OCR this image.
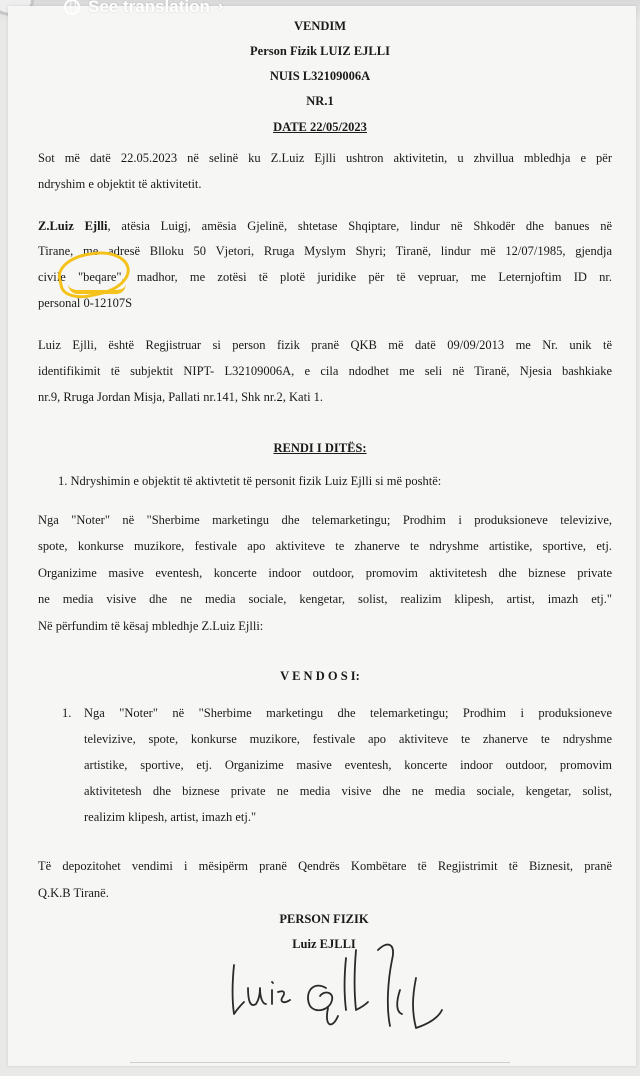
See translation ›
VENDIM
Person Fizik LUIZ EJLLI
NUIS L32109006A
NR.1
DATE 22/05/2023
Sot më datë 22.05.2023 në selinë ku Z.Luiz Ejlli ushtron aktivitetin, u zhvillua mbledhja e për
ndryshim e objektit të aktivitetit.
Z.Luiz Ejlli, atësia Luigj, amësia Gjelinë, shtetase Shqiptare, lindur në Shkodër dhe banues në
Tirane, me adresë Blloku 50 Vjetori, Rruga Myslym Shyri; Tiranë, lindur më 12/07/1985, gjendja
civile "beqare", madhor, me zotësi të plotë juridike për të vepruar, me Leternjoftim ID nr.
personal 0-12107S
Luiz Ejlli, është Regjistruar si person fizik pranë QKB më datë 09/09/2013 me Nr. unik të
identifikimit të subjektit NIPT- L32109006A, e cila ndodhet me seli në Tiranë, Njesia bashkiake
nr.9, Rruga Jordan Misja, Pallati nr.141, Shk nr.2, Kati 1.
RENDI I DITËS:
1. Ndryshimin e objektit të aktivtetit të personit fizik Luiz Ejlli si më poshtë:
Nga "Noter" në "Sherbime marketingu dhe telemarketingu; Prodhim i produksioneve televizive,
spote, konkurse muzikore, festivale apo aktiviteve te zhanerve te ndryshme artistike, sportive, etj.
Organizime masive eventesh, koncerte indoor outdoor, promovim aktivitetesh dhe biznese private
ne media visive dhe ne media sociale, kengetar, solist, realizim klipesh, artist, imazh etj."
Në përfundim të kësaj mbledhje Z.Luiz Ejlli:
V E N D O S I:
1. Nga "Noter" në "Sherbime marketingu dhe telemarketingu; Prodhim i produksioneve
televizive, spote, konkurse muzikore, festivale apo aktiviteve te zhanerve te ndryshme
artistike, sportive, etj. Organizime masive eventesh, koncerte indoor outdoor, promovim
aktivitetesh dhe biznese private ne media visive dhe ne media sociale, kengetar, solist,
realizim klipesh, artist, imazh etj."
Të depozitohet vendimi i mësipërm pranë Qendrës Kombëtare të Regjistrimit të Biznesit, pranë
Q.K.B Tiranë.
PERSON FIZIK
Luiz EJLLI
